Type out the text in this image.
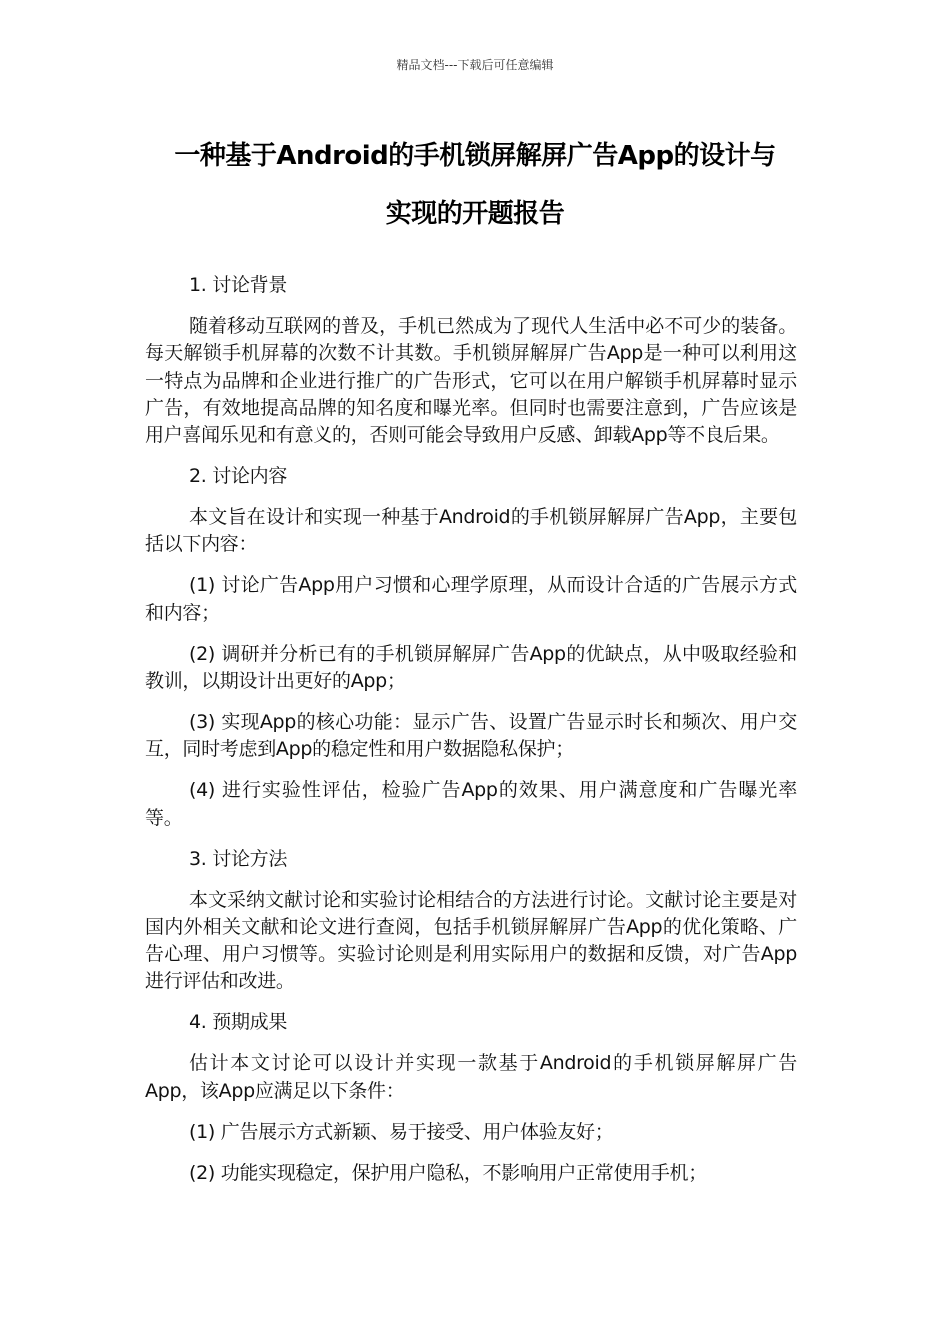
精品文档---下载后可任意编辑
一种基于Android的手机锁屏解屏广告App的设计与
实现的开题报告

1. 讨论背景

随着移动互联网的普及，手机已然成为了现代人生活中必不可少的装备。每天解锁手机屏幕的次数不计其数。手机锁屏解屏广告App是一种可以利用这一特点为品牌和企业进行推广的广告形式，它可以在用户解锁手机屏幕时显示广告，有效地提高品牌的知名度和曝光率。但同时也需要注意到，广告应该是用户喜闻乐见和有意义的，否则可能会导致用户反感、卸载App等不良后果。

2. 讨论内容

本文旨在设计和实现一种基于Android的手机锁屏解屏广告App，主要包括以下内容：

(1) 讨论广告App用户习惯和心理学原理，从而设计合适的广告展示方式和内容；

(2) 调研并分析已有的手机锁屏解屏广告App的优缺点，从中吸取经验和教训，以期设计出更好的App；

(3) 实现App的核心功能：显示广告、设置广告显示时长和频次、用户交互，同时考虑到App的稳定性和用户数据隐私保护；

(4) 进行实验性评估，检验广告App的效果、用户满意度和广告曝光率等。

3. 讨论方法

本文采纳文献讨论和实验讨论相结合的方法进行讨论。文献讨论主要是对国内外相关文献和论文进行查阅，包括手机锁屏解屏广告App的优化策略、广告心理、用户习惯等。实验讨论则是利用实际用户的数据和反馈，对广告App进行评估和改进。

4. 预期成果

估计本文讨论可以设计并实现一款基于Android的手机锁屏解屏广告App，该App应满足以下条件：

(1) 广告展示方式新颖、易于接受、用户体验友好；

(2) 功能实现稳定，保护用户隐私，不影响用户正常使用手机；
